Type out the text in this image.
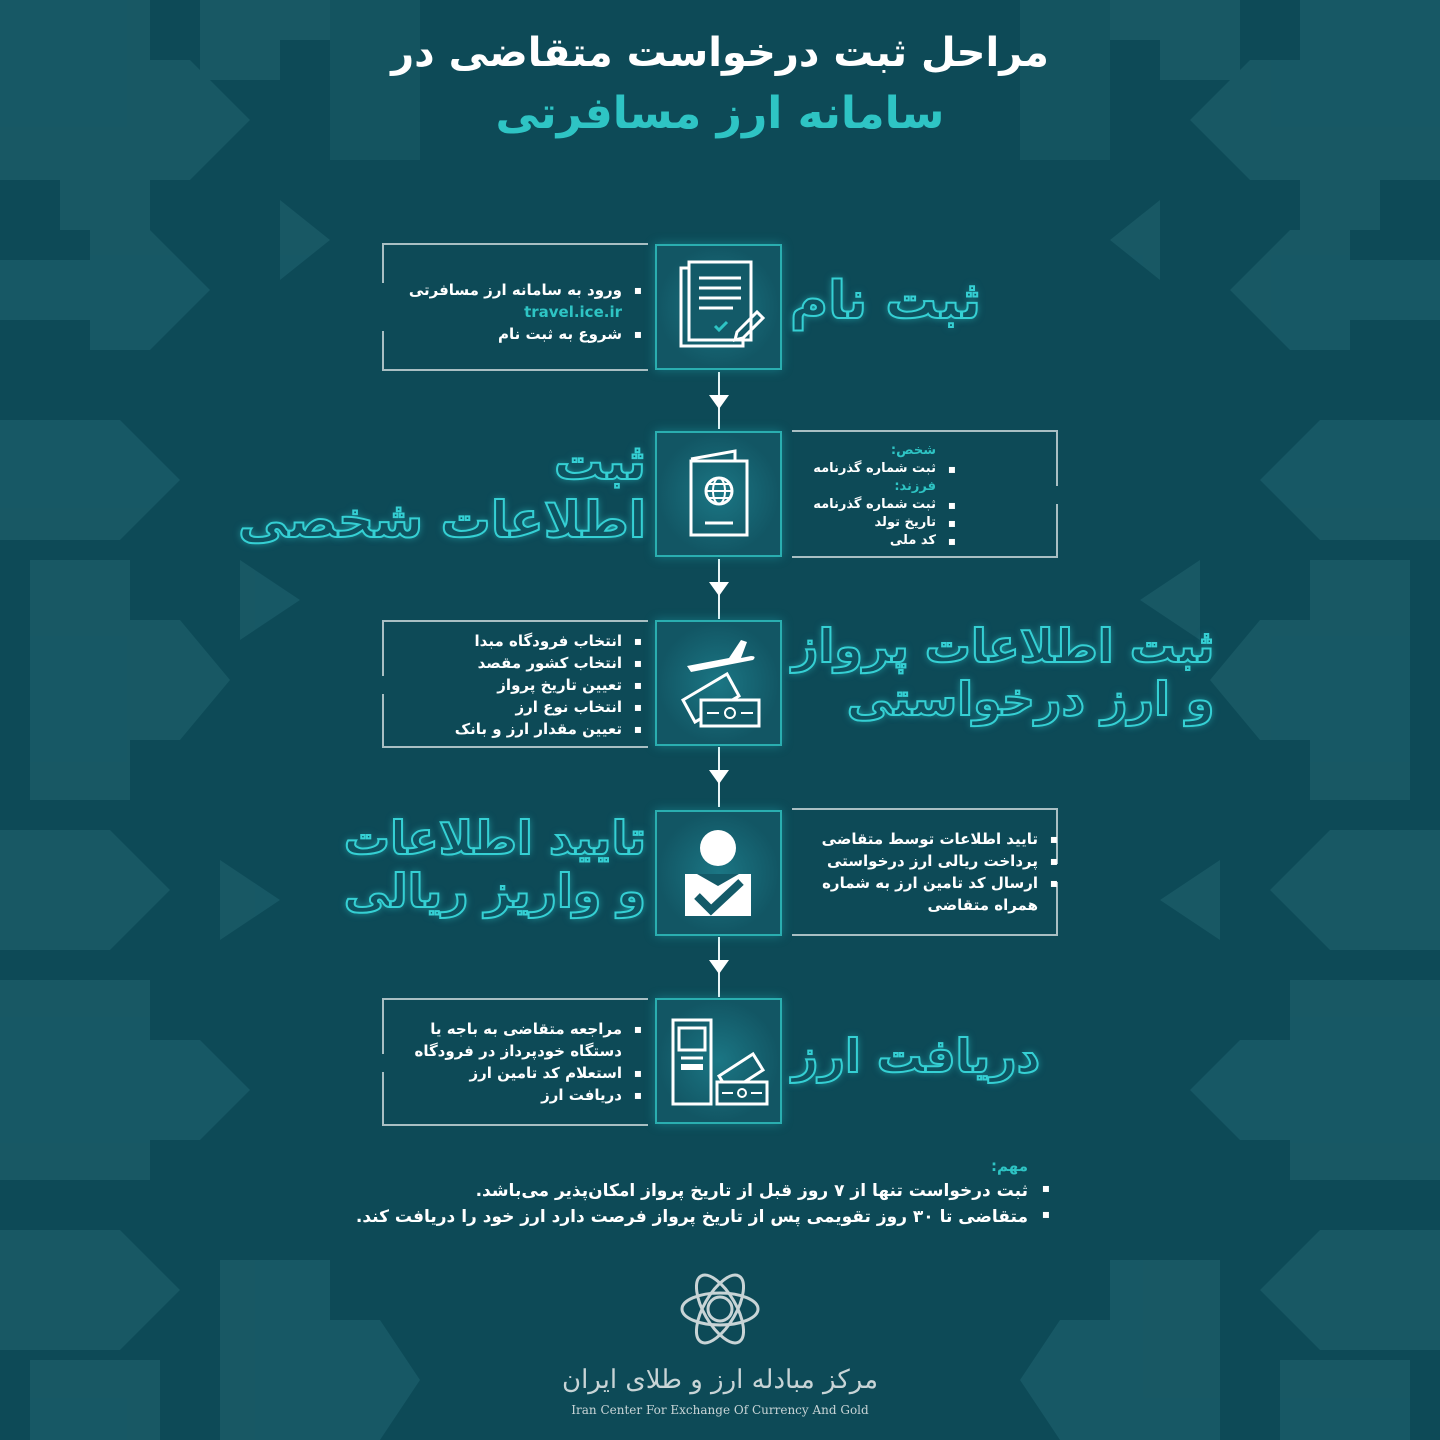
مراحل ثبت درخواست متقاضی در
سامانه ارز مسافرتی
ورود به سامانه ارز مسافرتی ▪
travel.ice.ir
شروع به ثبت نام ▪
ثبت نام
شخص:
ثبت شماره گذرنامه ▪
فرزند:
ثبت شماره گذرنامه ▪
تاریخ تولد ▪
کد ملی ▪
ثبت
اطلاعات شخصی
انتخاب فرودگاه مبدا ▪
انتخاب کشور مقصد ▪
تعیین تاریخ پرواز ▪
انتخاب نوع ارز ▪
تعیین مقدار ارز و بانک ▪
ثبت اطلاعات پرواز
و ارز درخواستی
تایید اطلاعات توسط متقاضی ▪
پرداخت ریالی ارز درخواستی ▪
ارسال کد تامین ارز به شماره ▪
همراه متقاضی
تایید اطلاعات
و واریز ریالی
مراجعه متقاضی به باجه یا ▪
دستگاه خودپرداز در فرودگاه
استعلام کد تامین ارز ▪
دریافت ارز ▪
دریافت ارز
مهم:
ثبت درخواست تنها از ۷ روز قبل از تاریخ پرواز امکان‌پذیر می‌باشد. ▪
متقاضی تا ۳۰ روز تقویمی پس از تاریخ پرواز فرصت دارد ارز خود را دریافت کند. ▪
مرکز مبادله ارز و طلای ایران
Iran Center For Exchange Of Currency And Gold
